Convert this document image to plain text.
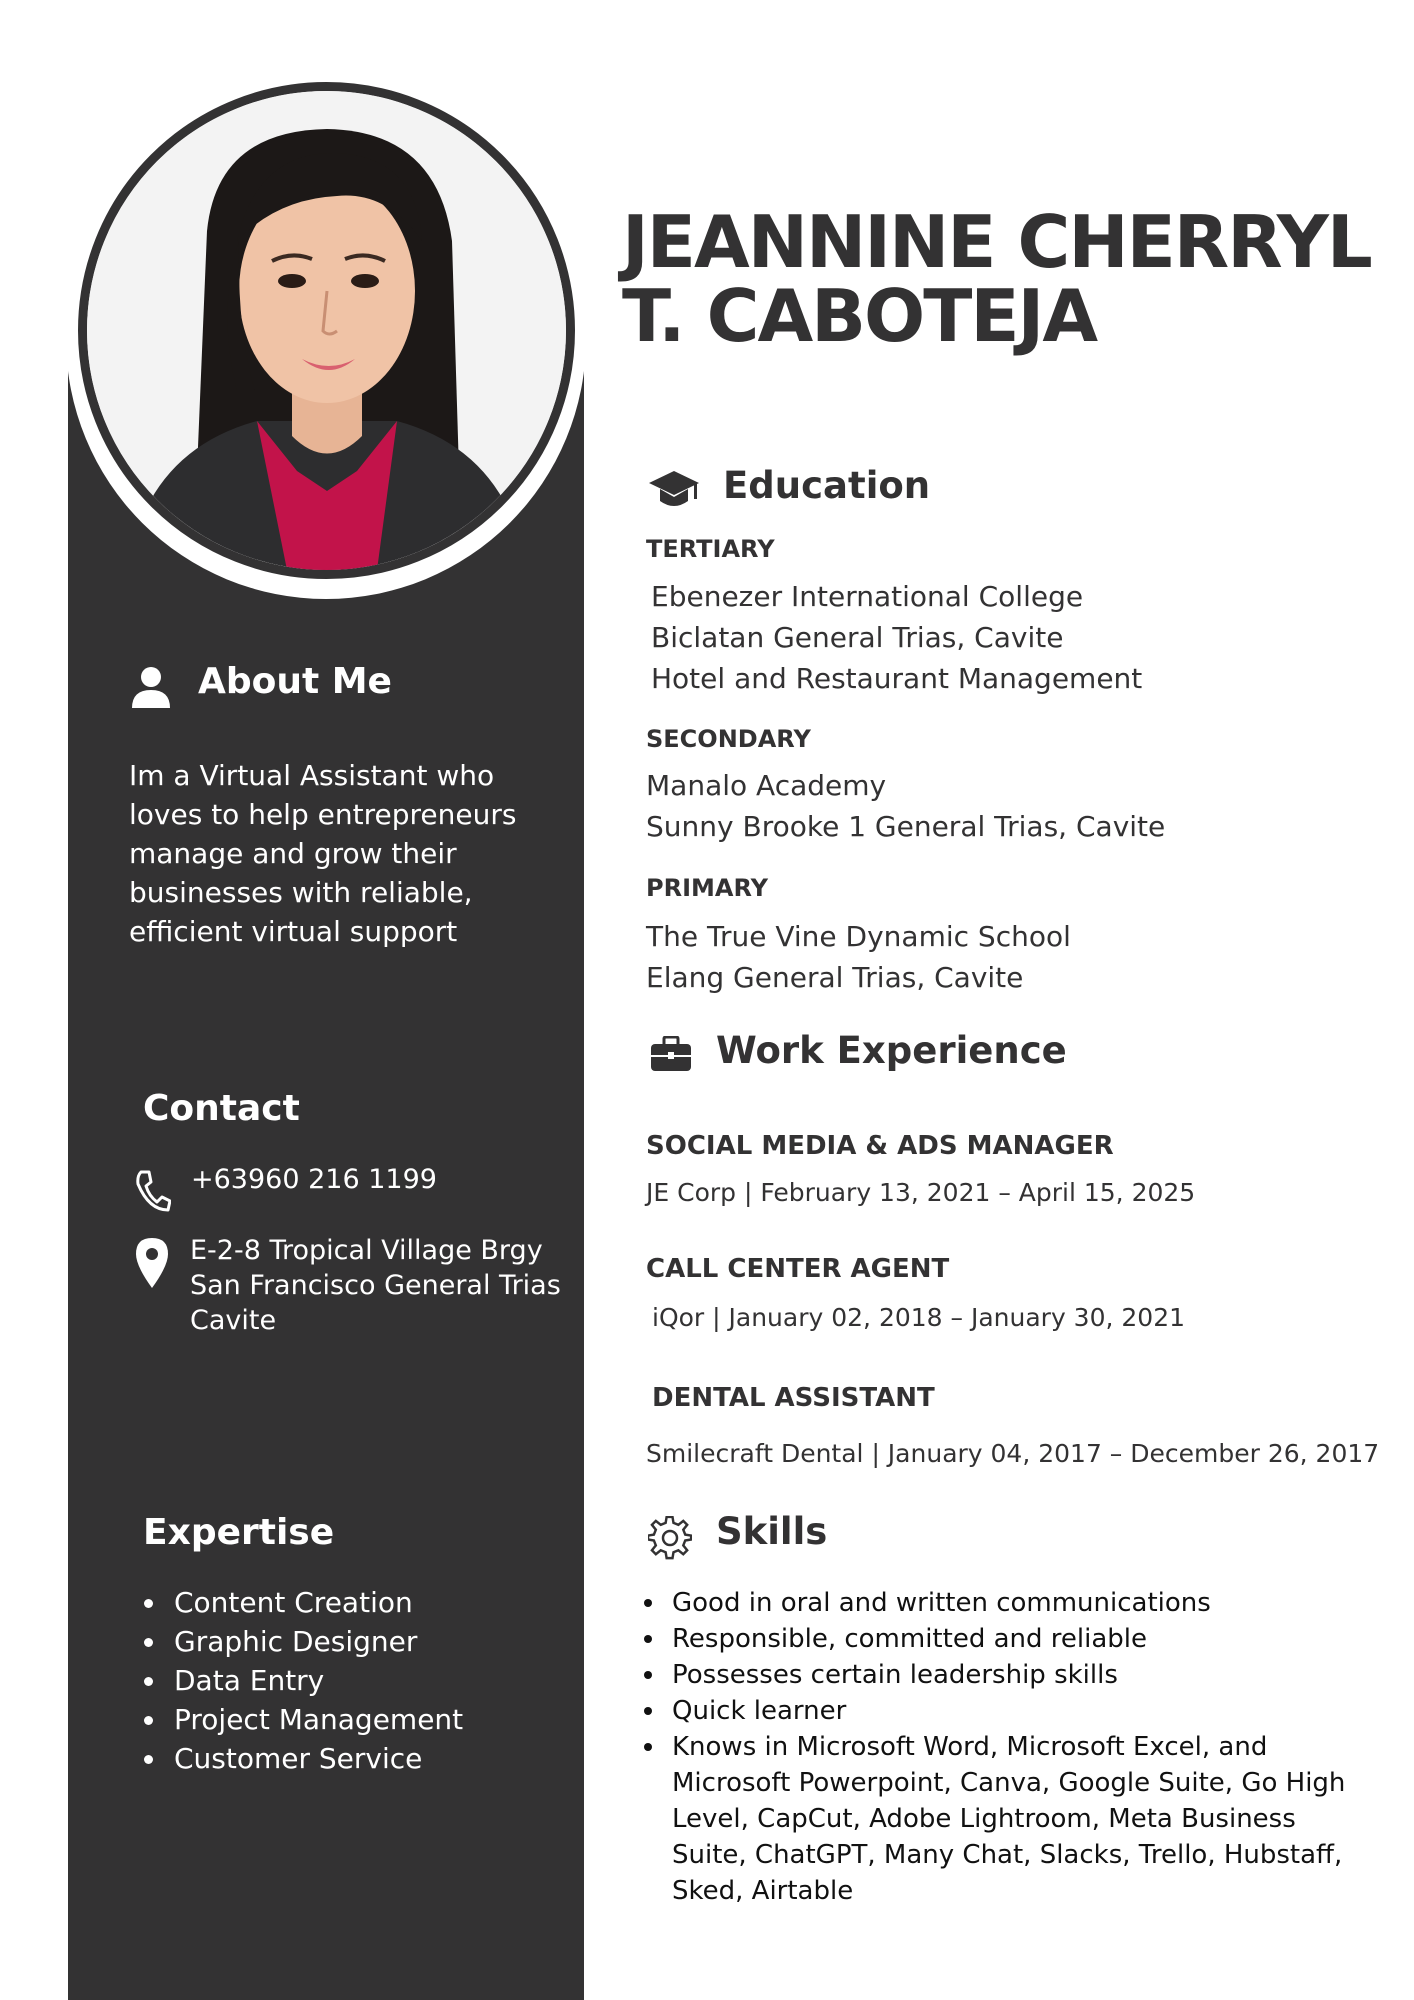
JEANNINE CHERRYL
T. CABOTEJA
About Me

Im a Virtual Assistant who loves to help entrepreneurs manage and grow their businesses with reliable, efficient virtual support

Contact

+63960 216 1199

E-2-8 Tropical Village Brgy San Francisco General Trias Cavite

Expertise
Content Creation
Graphic Designer
Data Entry
Project Management
Customer Service
Education

TERTIARY

Ebenezer International College
Biclatan General Trias, Cavite
Hotel and Restaurant Management

SECONDARY

Manalo Academy
Sunny Brooke 1 General Trias, Cavite

PRIMARY

The True Vine Dynamic School
Elang General Trias, Cavite
Work Experience

SOCIAL MEDIA & ADS MANAGER

JE Corp | February 13, 2021 – April 15, 2025

CALL CENTER AGENT

iQor | January 02, 2018 – January 30, 2021

DENTAL ASSISTANT

Smilecraft Dental | January 04, 2017 – December 26, 2017

Skills
Good in oral and written communications
Responsible, committed and reliable
Possesses certain leadership skills
Quick learner
Knows in Microsoft Word, Microsoft Excel, and Microsoft Powerpoint, Canva, Google Suite, Go High Level, CapCut, Adobe Lightroom, Meta Business Suite, ChatGPT, Many Chat, Slacks, Trello, Hubstaff, Sked, Airtable
